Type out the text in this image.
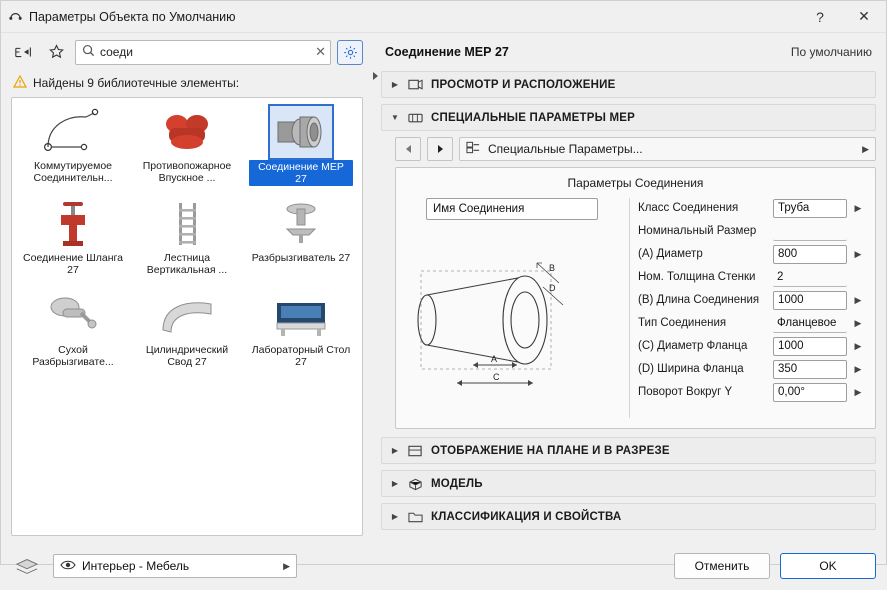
Параметры Объекта по Умолчанию	?	✕
соеди	✕
Найдены 9 библиотечные элементы:
Коммутируемое Соединительн...
Противопожарное Впускное ...
Соединение МЕР 27
Соединение Шланга 27
Лестница Вертикальная ...
Разбрызгиватель 27
Сухой Разбрызгивате...
Цилиндрический Свод 27
Лабораторный Стол 27
Соединение МЕР 27	По умолчанию
▶	ПРОСМОТР И РАСПОЛОЖЕНИЕ
▼	СПЕЦИАЛЬНЫЕ ПАРАМЕТРЫ МЕР
Специальные Параметры...	▶
Параметры Соединения
Имя Соединения
B
D
A
C
Класс Соединения	Труба	▶
Номинальный Размер
(A) Диаметр	800	▶
Ном. Толщина Стенки	2
(B) Длина Соединения	1000	▶
Тип Соединения	Фланцевое	▶
(C) Диаметр Фланца	1000	▶
(D) Ширина Фланца	350	▶
Поворот Вокруг Y	0,00°	▶
▶	ОТОБРАЖЕНИЕ НА ПЛАНЕ И В РАЗРЕЗЕ
▶	МОДЕЛЬ
▶	КЛАССИФИКАЦИЯ И СВОЙСТВА
Интерьер - Мебель	▶	Отменить	OK
